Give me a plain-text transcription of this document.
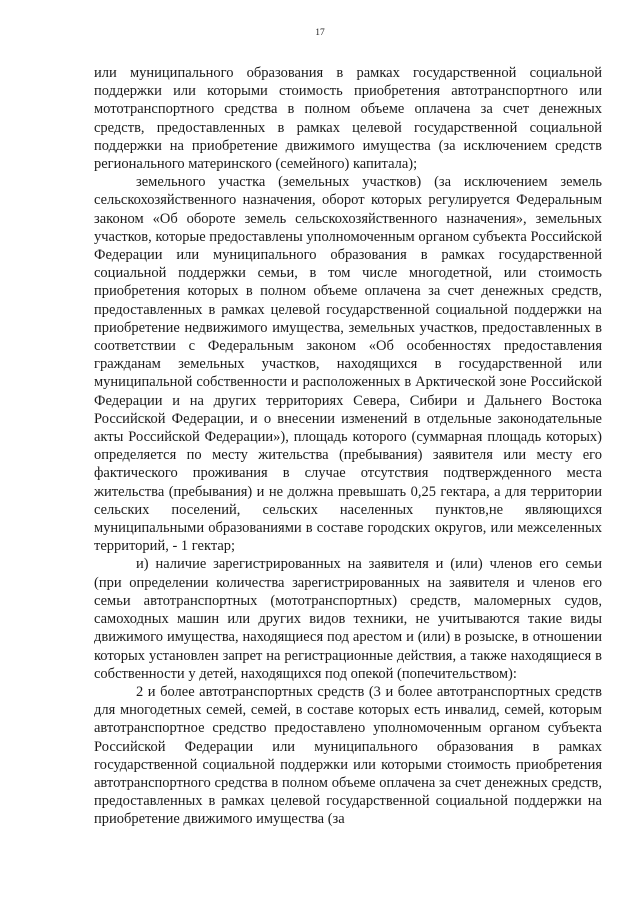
17

или муниципального образования в рамках государственной социальной поддержки или которыми стоимость приобретения автотранспортного или мототранспортного средства в полном объеме оплачена за счет денежных средств, предоставленных в рамках целевой государственной социальной поддержки на приобретение движимого имущества (за исключением средств регионального материнского (семейного) капитала);

земельного участка (земельных участков) (за исключением земель сельскохозяйственного назначения, оборот которых регулируется Федеральным законом «Об обороте земель сельскохозяйственного назначения», земельных участков, которые предоставлены уполномоченным органом субъекта Российской Федерации или муниципального образования в рамках государственной социальной поддержки семьи, в том числе многодетной, или стоимость приобретения которых в полном объеме оплачена за счет денежных средств, предоставленных в рамках целевой государственной социальной поддержки на приобретение недвижимого имущества, земельных участков, предоставленных в соответствии с Федеральным законом «Об особенностях предоставления гражданам земельных участков, находящихся в государственной или муниципальной собственности и расположенных в Арктической зоне Российской Федерации и на других территориях Севера, Сибири и Дальнего Востока Российской Федерации, и о внесении изменений в отдельные законодательные акты Российской Федерации»), площадь которого (суммарная площадь которых) определяется по месту жительства (пребывания) заявителя или месту его фактического проживания в случае отсутствия подтвержденного места жительства (пребывания) и не должна превышать 0,25 гектара, а для территории сельских поселений, сельских населенных пунктов,не являющихся муниципальными образованиями в составе городских округов, или межселенных территорий, - 1 гектар;

и) наличие зарегистрированных на заявителя и (или) членов его семьи (при определении количества зарегистрированных на заявителя и членов его семьи автотранспортных (мототранспортных) средств, маломерных судов, самоходных машин или других видов техники, не учитываются такие виды движимого имущества, находящиеся под арестом и (или) в розыске, в отношении которых установлен запрет на регистрационные действия, а также находящиеся в собственности у детей, находящихся под опекой (попечительством):

2 и более автотранспортных средств (3 и более автотранспортных средств для многодетных семей, семей, в составе которых есть инвалид, семей, которым автотранспортное средство предоставлено уполномоченным органом субъекта Российской Федерации или муниципального образования в рамках государственной социальной поддержки или которыми стоимость приобретения автотранспортного средства в полном объеме оплачена за счет денежных средств, предоставленных в рамках целевой государственной социальной поддержки на приобретение движимого имущества (за
